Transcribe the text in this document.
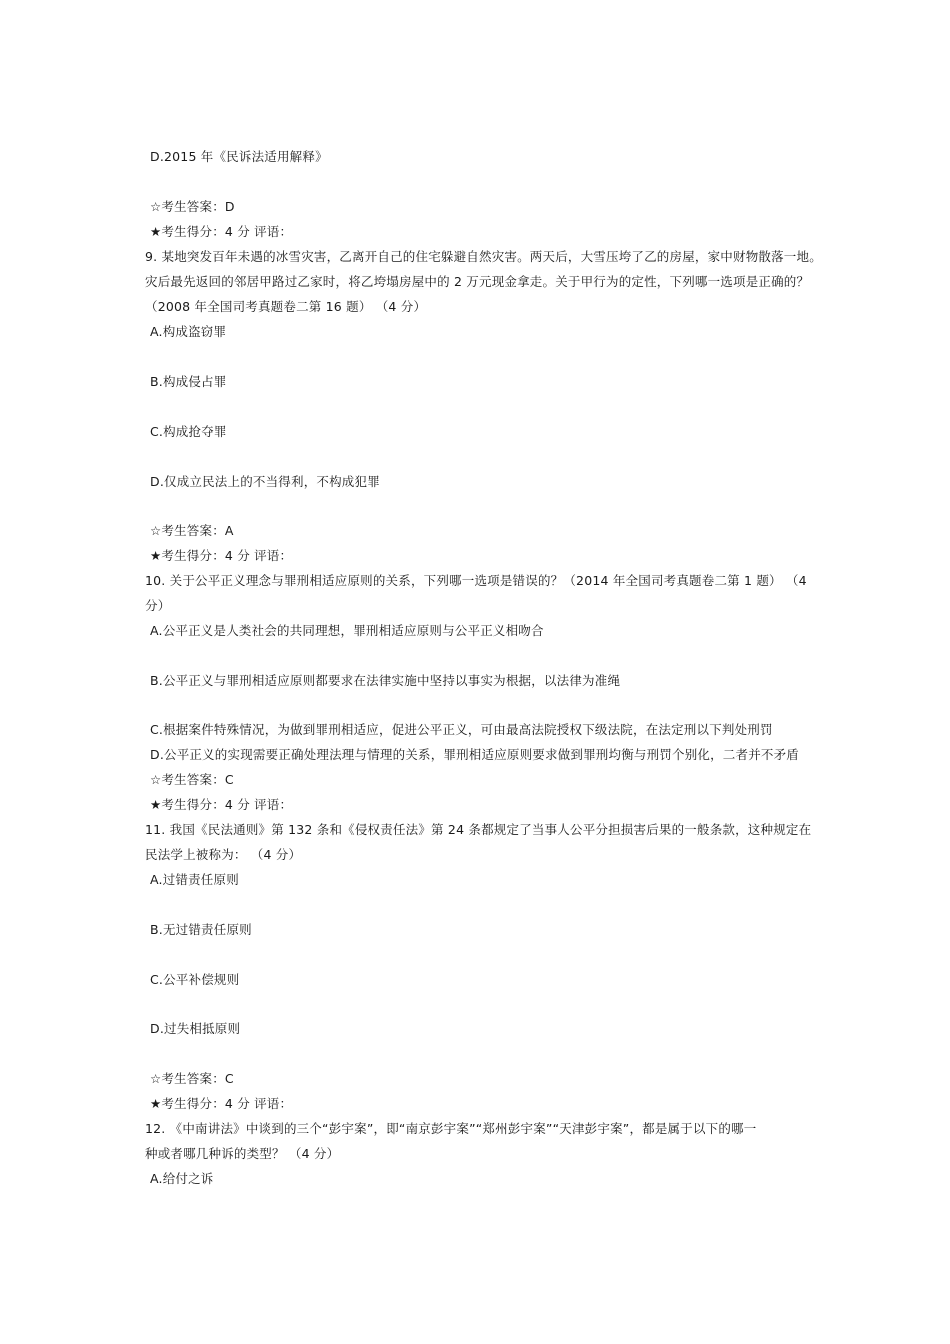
D.2015 年《民诉法适用解释》
☆考生答案：D
★考生得分：4 分 评语：
9. 某地突发百年未遇的冰雪灾害，乙离开自己的住宅躲避自然灾害。两天后，大雪压垮了乙的房屋，家中财物散落一地。
灾后最先返回的邻居甲路过乙家时，将乙垮塌房屋中的 2 万元现金拿走。关于甲行为的定性，下列哪一选项是正确的？
（2008 年全国司考真题卷二第 16 题） （4 分）
A.构成盗窃罪
B.构成侵占罪
C.构成抢夺罪
D.仅成立民法上的不当得利，不构成犯罪
☆考生答案：A
★考生得分：4 分 评语：
10. 关于公平正义理念与罪刑相适应原则的关系，下列哪一选项是错误的？（2014 年全国司考真题卷二第 1 题） （4
分）
A.公平正义是人类社会的共同理想，罪刑相适应原则与公平正义相吻合
B.公平正义与罪刑相适应原则都要求在法律实施中坚持以事实为根据，以法律为准绳
C.根据案件特殊情况，为做到罪刑相适应，促进公平正义，可由最高法院授权下级法院，在法定刑以下判处刑罚
D.公平正义的实现需要正确处理法理与情理的关系，罪刑相适应原则要求做到罪刑均衡与刑罚个别化，二者并不矛盾
☆考生答案：C
★考生得分：4 分 评语：
11. 我国《民法通则》第 132 条和《侵权责任法》第 24 条都规定了当事人公平分担损害后果的一般条款，这种规定在
民法学上被称为： （4 分）
A.过错责任原则
B.无过错责任原则
C.公平补偿规则
D.过失相抵原则
☆考生答案：C
★考生得分：4 分 评语：
12. 《中南讲法》中谈到的三个“彭宇案”，即“南京彭宇案”“郑州彭宇案”“天津彭宇案”，都是属于以下的哪一
种或者哪几种诉的类型？ （4 分）
A.给付之诉
